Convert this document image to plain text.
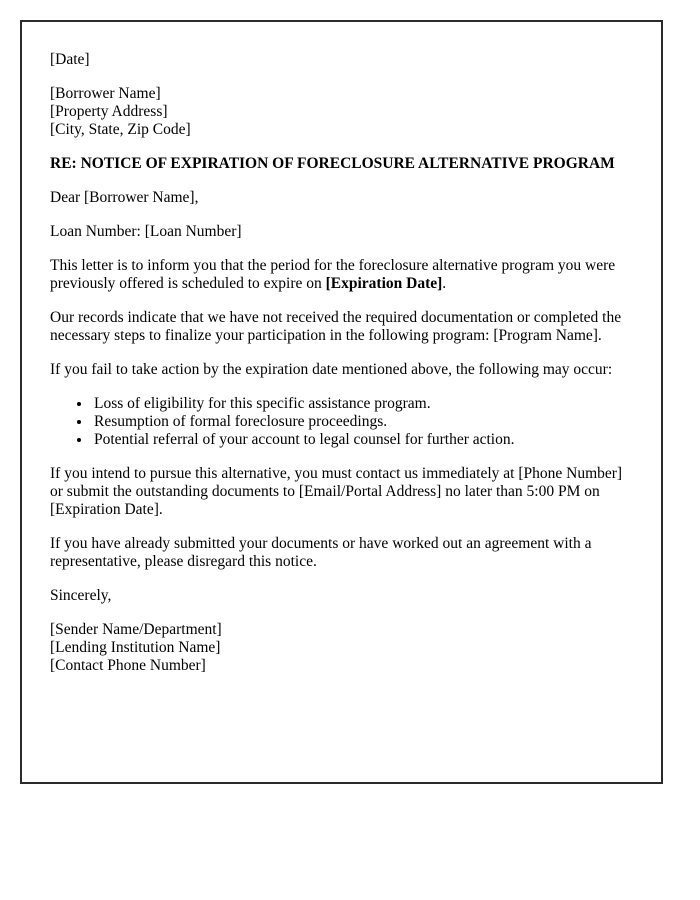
[Date]
[Borrower Name]
[Property Address]
[City, State, Zip Code]
RE: NOTICE OF EXPIRATION OF FORECLOSURE ALTERNATIVE PROGRAM
Dear [Borrower Name],
Loan Number: [Loan Number]
This letter is to inform you that the period for the foreclosure alternative program you were previously offered is scheduled to expire on [Expiration Date].
Our records indicate that we have not received the required documentation or completed the necessary steps to finalize your participation in the following program: [Program Name].
If you fail to take action by the expiration date mentioned above, the following may occur:
• Loss of eligibility for this specific assistance program.
• Resumption of formal foreclosure proceedings.
• Potential referral of your account to legal counsel for further action.
If you intend to pursue this alternative, you must contact us immediately at [Phone Number] or submit the outstanding documents to [Email/Portal Address] no later than 5:00 PM on [Expiration Date].
If you have already submitted your documents or have worked out an agreement with a representative, please disregard this notice.
Sincerely,
[Sender Name/Department]
[Lending Institution Name]
[Contact Phone Number]
